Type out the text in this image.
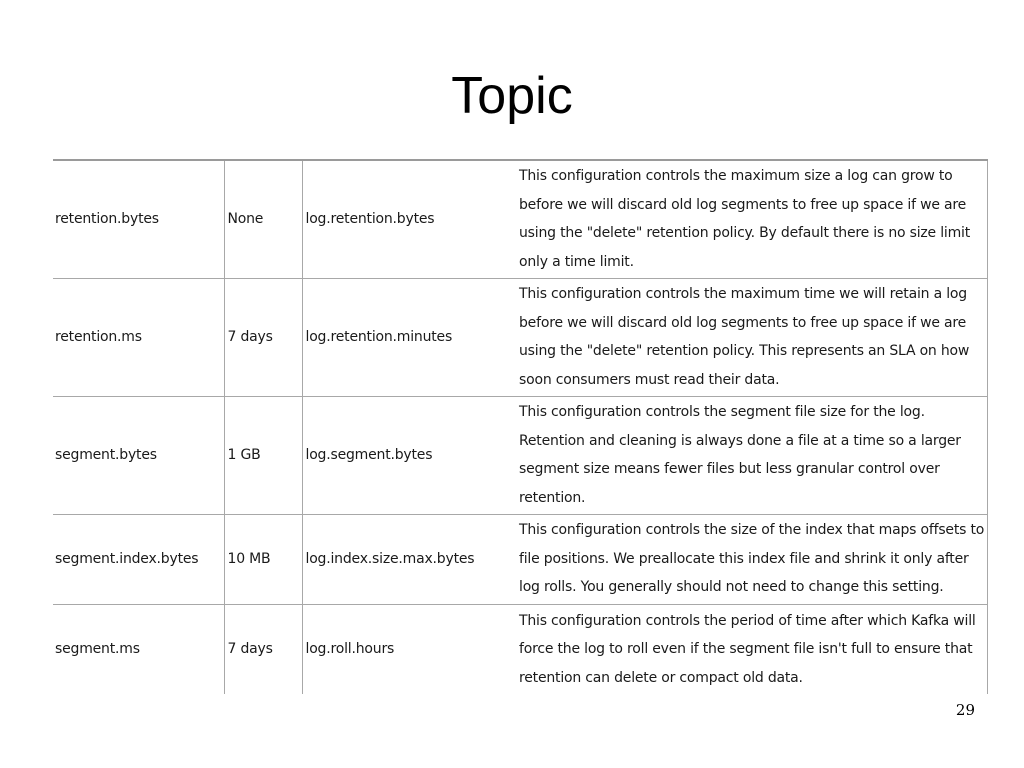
Topic
retention.bytes	None	log.retention.bytes	This configuration controls the maximum size a log can grow to
before we will discard old log segments to free up space if we are
using the "delete" retention policy. By default there is no size limit
only a time limit.

retention.ms	7 days	log.retention.minutes	This configuration controls the maximum time we will retain a log
before we will discard old log segments to free up space if we are
using the "delete" retention policy. This represents an SLA on how
soon consumers must read their data.

segment.bytes	1 GB	log.segment.bytes	This configuration controls the segment file size for the log.
Retention and cleaning is always done a file at a time so a larger
segment size means fewer files but less granular control over
retention.

segment.index.bytes	10 MB	log.index.size.max.bytes	This configuration controls the size of the index that maps offsets to
file positions. We preallocate this index file and shrink it only after
log rolls. You generally should not need to change this setting.

segment.ms	7 days	log.roll.hours	This configuration controls the period of time after which Kafka will
force the log to roll even if the segment file isn't full to ensure that
retention can delete or compact old data.
29
